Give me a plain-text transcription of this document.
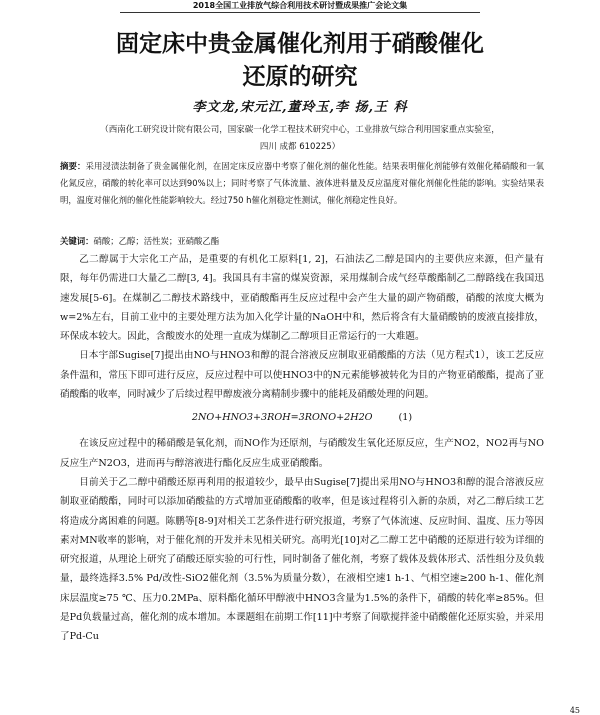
2018全国工业排放气综合利用技术研讨暨成果推广会论文集
固定床中贵金属催化剂用于硝酸催化
还原的研究
李文龙,宋元江,董玲玉,李 扬,王 科
（西南化工研究设计院有限公司，国家碳一化学工程技术研究中心，工业排放气综合利用国家重点实验室，
四川 成都 610225）
摘要：采用浸渍法制备了贵金属催化剂，在固定床反应器中考察了催化剂的催化性能。结果表明催化剂能够有效催化稀硝酸和一氧化氮反应，硝酸的转化率可以达到90%以上；同时考察了气体流量、液体进料量及反应温度对催化剂催化性能的影响。实验结果表明，温度对催化剂的催化性能影响较大。经过750 h催化剂稳定性测试，催化剂稳定性良好。
关键词：硝酸；乙醇；活性炭；亚硝酸乙酯

乙二醇属于大宗化工产品，是重要的有机化工原料[1, 2]，石油法乙二醇是国内的主要供应来源，但产量有限，每年仍需进口大量乙二醇[3, 4]。我国具有丰富的煤炭资源，采用煤制合成气经草酸酯制乙二醇路线在我国迅速发展[5-6]。在煤制乙二醇技术路线中，亚硝酸酯再生反应过程中会产生大量的副产物硝酸，硝酸的浓度大概为w=2%左右，目前工业中的主要处理方法为加入化学计量的NaOH中和，然后将含有大量硝酸钠的废液直接排放，环保成本较大。因此，含酸废水的处理一直成为煤制乙二醇项目正常运行的一大难题。

日本宇部Sugise[7]提出由NO与HNO3和醇的混合溶液反应制取亚硝酸酯的方法（见方程式1），该工艺反应条件温和，常压下即可进行反应，反应过程中可以使HNO3中的N元素能够被转化为目的产物亚硝酸酯，提高了亚硝酸酯的收率，同时减少了后续过程甲醇废液分离精制步骤中的能耗及硝酸处理的问题。

2NO+HNO3+3ROH=3RONO+2H2O	(1)

在该反应过程中的稀硝酸是氧化剂，而NO作为还原剂，与硝酸发生氧化还原反应，生产NO2，NO2再与NO反应生产N2O3，进而再与醇溶液进行酯化反应生成亚硝酸酯。

目前关于乙二醇中硝酸还原再利用的报道较少，最早由Sugise[7]提出采用NO与HNO3和醇的混合溶液反应制取亚硝酸酯，同时可以添加硝酸盐的方式增加亚硝酸酯的收率，但是该过程将引入新的杂质，对乙二醇后续工艺将造成分离困难的问题。陈鹏等[8-9]对相关工艺条件进行研究报道，考察了气体流速、反应时间、温度、压力等因素对MN收率的影响，对于催化剂的开发并未见相关研究。高明光[10]对乙二醇工艺中硝酸的还原进行较为详细的研究报道，从理论上研究了硝酸还原实验的可行性，同时制备了催化剂，考察了载体及载体形式、活性组分及负载量，最终选择3.5% Pd/改性-SiO2催化剂（3.5%为质量分数），在液相空速1 h-1、气相空速≥200 h-1、催化剂床层温度≥75 ℃、压力0.2MPa、原料酯化循环甲醇液中HNO3含量为1.5%的条件下，硝酸的转化率≥85%。但是Pd负载量过高，催化剂的成本增加。本课题组在前期工作[11]中考察了间歇搅拌釜中硝酸催化还原实验，并采用了Pd-Cu

45
